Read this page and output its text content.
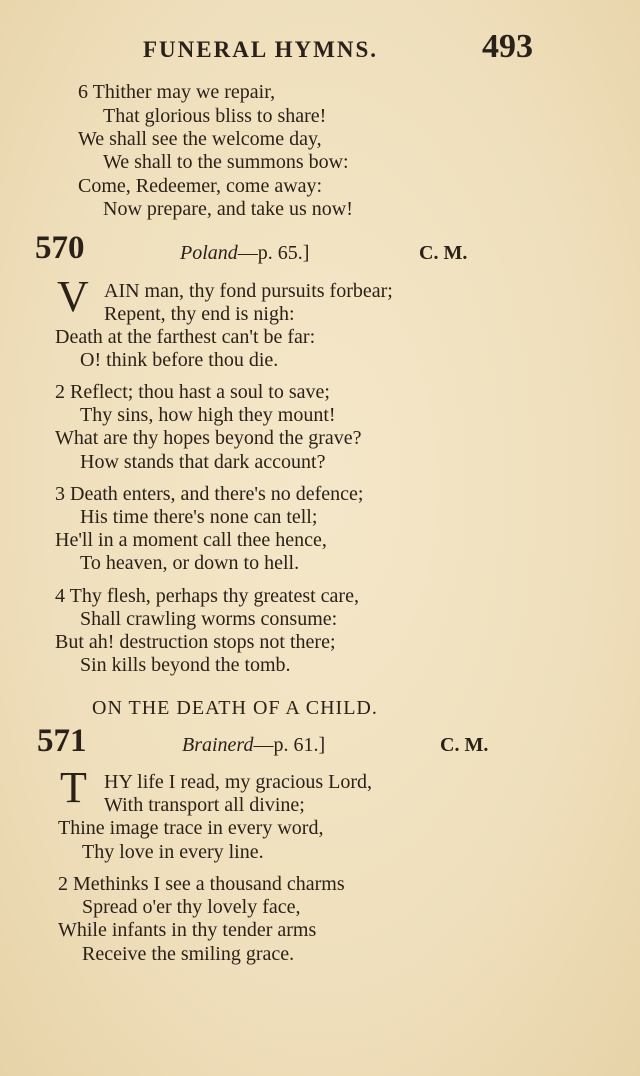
FUNERAL HYMNS.	493
6 Thither may we repair,
That glorious bliss to share!
We shall see the welcome day,
We shall to the summons bow:
Come, Redeemer, come away:
Now prepare, and take us now!
570	Poland—p. 65.]	C. M.
V AIN man, thy fond pursuits forbear;
Repent, thy end is nigh:
Death at the farthest can't be far:
O! think before thou die.
2 Reflect; thou hast a soul to save;
Thy sins, how high they mount!
What are thy hopes beyond the grave?
How stands that dark account?
3 Death enters, and there's no defence;
His time there's none can tell;
He'll in a moment call thee hence,
To heaven, or down to hell.
4 Thy flesh, perhaps thy greatest care,
Shall crawling worms consume:
But ah! destruction stops not there;
Sin kills beyond the tomb.
ON THE DEATH OF A CHILD.
571	Brainerd—p. 61.]	C. M.
T HY life I read, my gracious Lord,
With transport all divine;
Thine image trace in every word,
Thy love in every line.
2 Methinks I see a thousand charms
Spread o'er thy lovely face,
While infants in thy tender arms
Receive the smiling grace.
